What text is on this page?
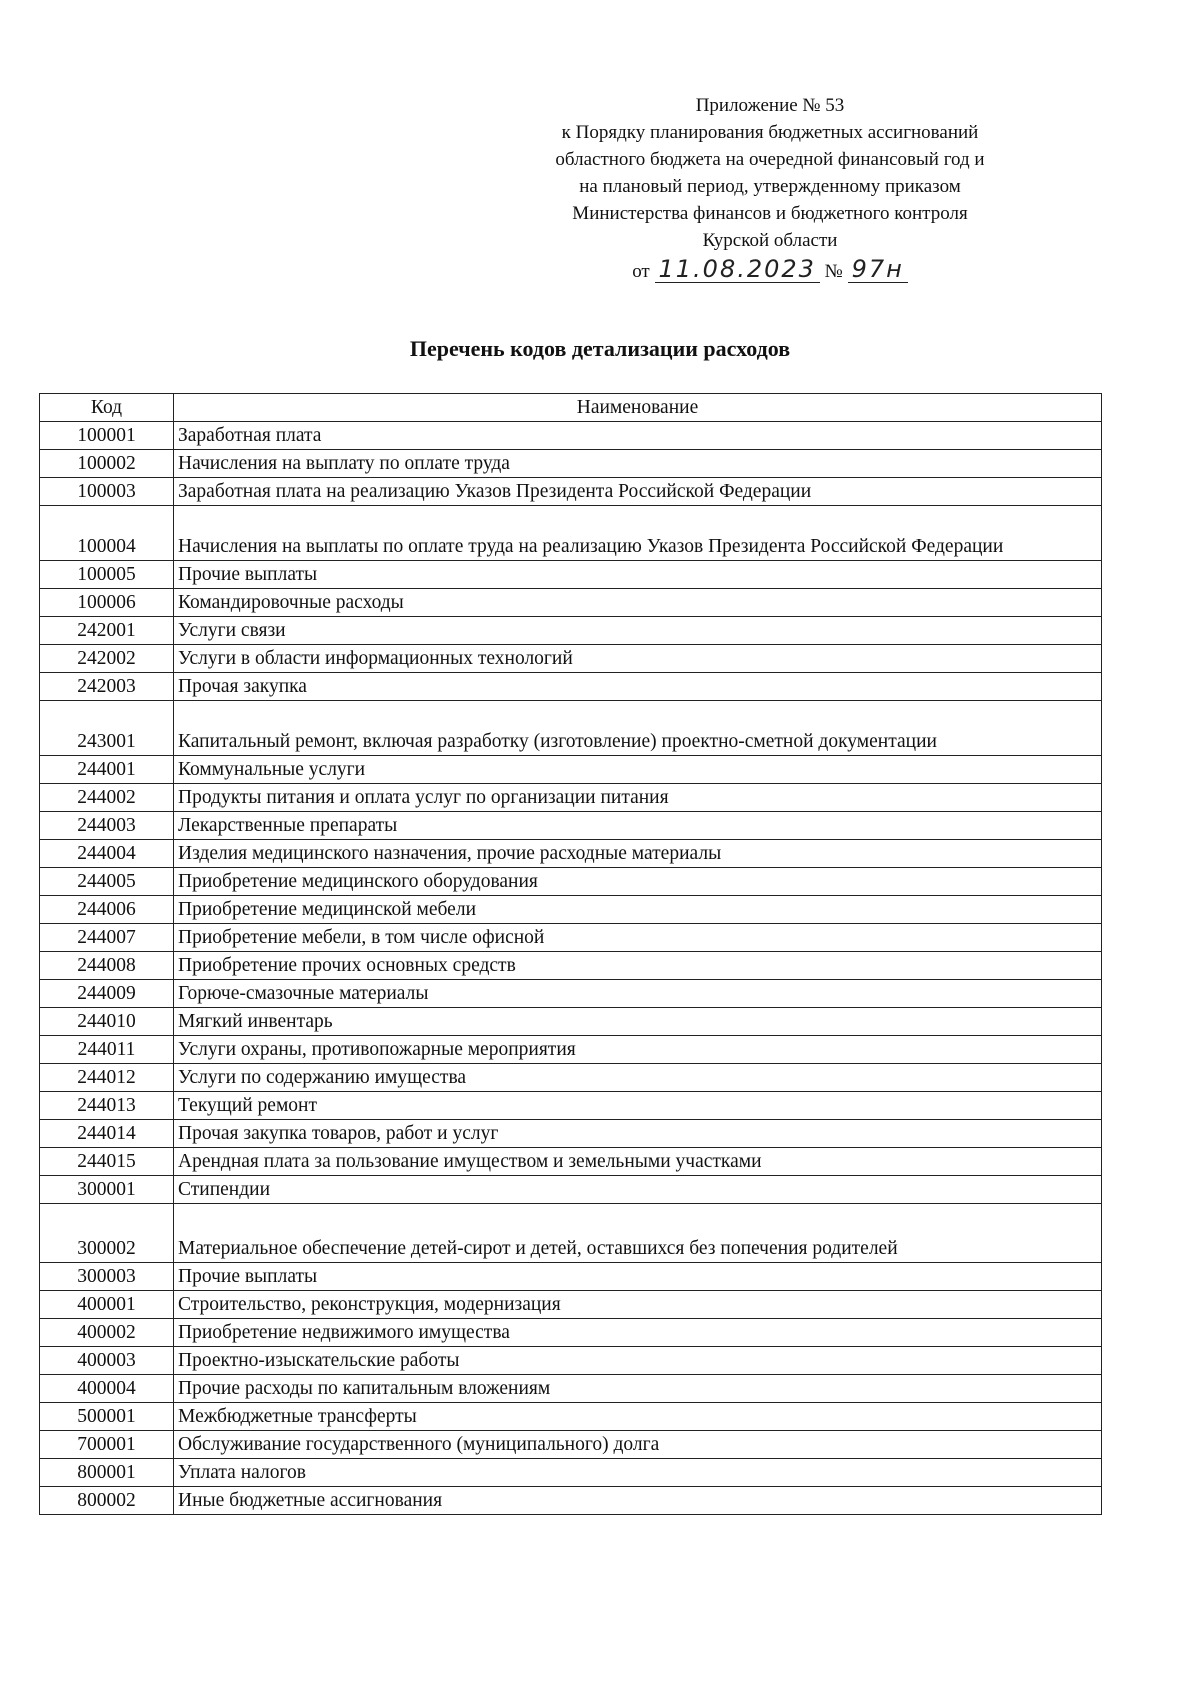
Приложение № 53
к Порядку планирования бюджетных ассигнований
областного бюджета на очередной финансовый год и
на плановый период, утвержденному приказом
Министерства финансов и бюджетного контроля
Курской области
от 11.08.2023 № 97н
Перечень кодов детализации расходов
Код	Наименование
100001	Заработная плата
100002	Начисления на выплату по оплате труда
100003	Заработная плата на реализацию Указов Президента Российской Федерации
100004	Начисления на выплаты по оплате труда на реализацию Указов Президента Российской Федерации
100005	Прочие выплаты
100006	Командировочные расходы
242001	Услуги связи
242002	Услуги в области информационных технологий
242003	Прочая закупка
243001	Капитальный ремонт, включая разработку (изготовление) проектно-сметной документации
244001	Коммунальные услуги
244002	Продукты питания и оплата услуг по организации питания
244003	Лекарственные препараты
244004	Изделия медицинского назначения, прочие расходные материалы
244005	Приобретение медицинского оборудования
244006	Приобретение медицинской мебели
244007	Приобретение мебели, в том числе офисной
244008	Приобретение прочих основных средств
244009	Горюче-смазочные материалы
244010	Мягкий инвентарь
244011	Услуги охраны, противопожарные мероприятия
244012	Услуги по содержанию имущества
244013	Текущий ремонт
244014	Прочая закупка товаров, работ и услуг
244015	Арендная плата за пользование имуществом и земельными участками
300001	Стипендии
300002	Материальное обеспечение детей-сирот и детей, оставшихся без попечения родителей
300003	Прочие выплаты
400001	Строительство, реконструкция, модернизация
400002	Приобретение недвижимого имущества
400003	Проектно-изыскательские работы
400004	Прочие расходы по капитальным вложениям
500001	Межбюджетные трансферты
700001	Обслуживание государственного (муниципального) долга
800001	Уплата налогов
800002	Иные бюджетные ассигнования
